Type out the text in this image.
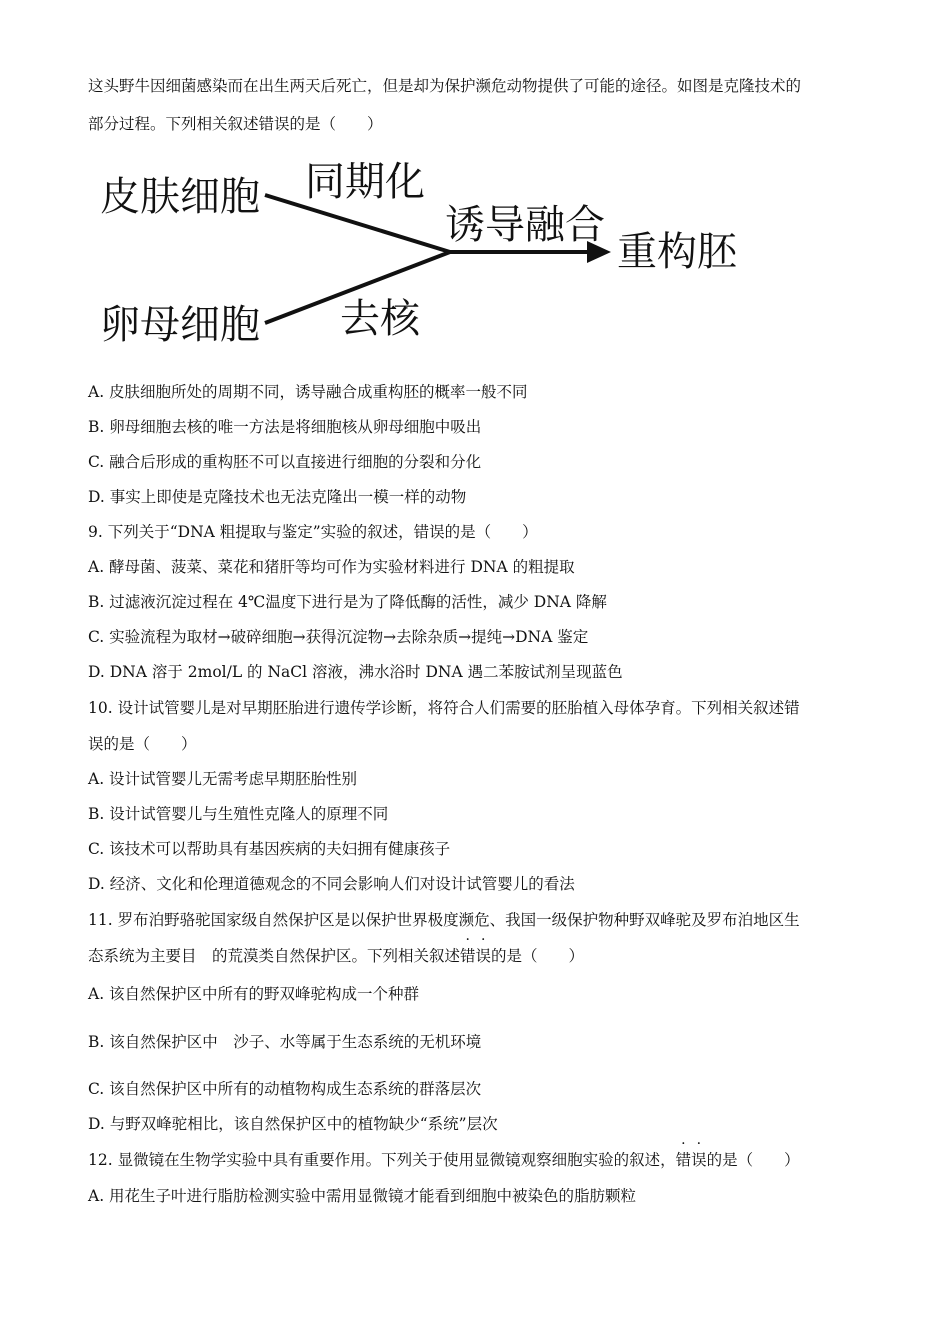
这头野牛因细菌感染而在出生两天后死亡，但是却为保护濒危动物提供了可能的途径。如图是克隆技术的
部分过程。下列相关叙述错误的是（　　）
皮肤细胞
卵母细胞
同期化
去核
诱导融合
重构胚
A. 皮肤细胞所处的周期不同，诱导融合成重构胚的概率一般不同
B. 卵母细胞去核的唯一方法是将细胞核从卵母细胞中吸出
C. 融合后形成的重构胚不可以直接进行细胞的分裂和分化
D. 事实上即使是克隆技术也无法克隆出一模一样的动物
9. 下列关于“DNA 粗提取与鉴定”实验的叙述，错误的是（　　）
A. 酵母菌、菠菜、菜花和猪肝等均可作为实验材料进行 DNA 的粗提取
B. 过滤液沉淀过程在 4℃温度下进行是为了降低酶的活性，减少 DNA 降解
C. 实验流程为取材→破碎细胞→获得沉淀物→去除杂质→提纯→DNA 鉴定
D. DNA 溶于 2mol/L 的 NaCl 溶液，沸水浴时 DNA 遇二苯胺试剂呈现蓝色
10. 设计试管婴儿是对早期胚胎进行遗传学诊断，将符合人们需要的胚胎植入母体孕育。下列相关叙述错
误的是（　　）
A. 设计试管婴儿无需考虑早期胚胎性别
B. 设计试管婴儿与生殖性克隆人的原理不同
C. 该技术可以帮助具有基因疾病的夫妇拥有健康孩子
D. 经济、文化和伦理道德观念的不同会影响人们对设计试管婴儿的看法
11. 罗布泊野骆驼国家级自然保护区是以保护世界极度濒危、我国一级保护物种野双峰驼及罗布泊地区生
态系统为主要目　的荒漠类自然保护区。下列相关叙述错误的是（　　）
A. 该自然保护区中所有的野双峰驼构成一个种群
B. 该自然保护区中　沙子、水等属于生态系统的无机环境
C. 该自然保护区中所有的动植物构成生态系统的群落层次
D. 与野双峰驼相比，该自然保护区中的植物缺少“系统”层次
12. 显微镜在生物学实验中具有重要作用。下列关于使用显微镜观察细胞实验的叙述，错误的是（　　）
A. 用花生子叶进行脂肪检测实验中需用显微镜才能看到细胞中被染色的脂肪颗粒
